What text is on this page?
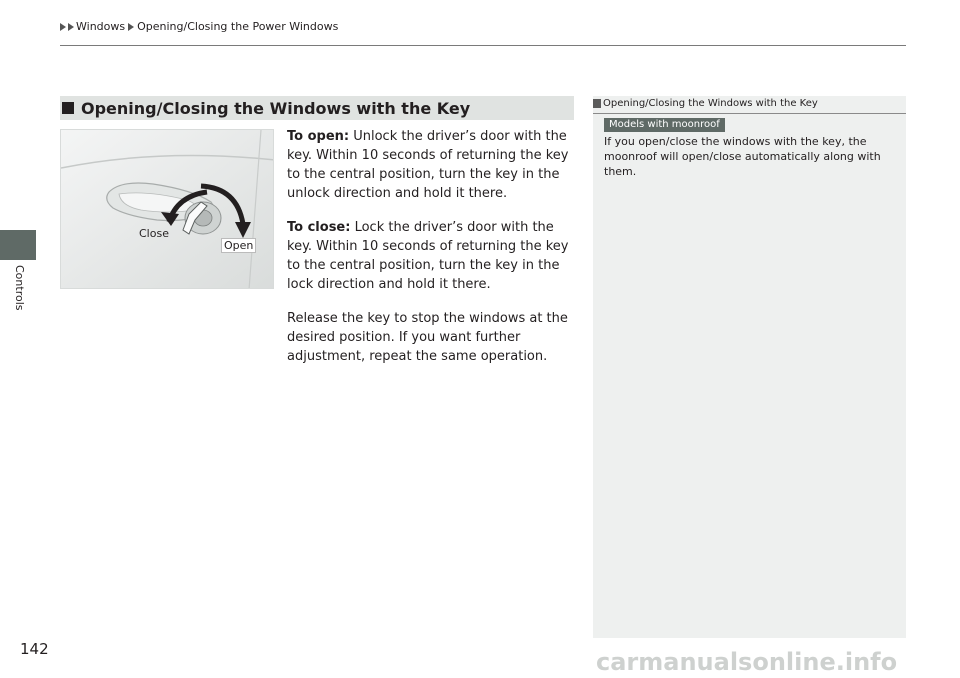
Windows Opening/Closing the Power Windows
Controls
Opening/Closing the Windows with the Key
Close
Open

To open: Unlock the driver’s door with the key. Within 10 seconds of returning the key to the central position, turn the key in the unlock direction and hold it there.

To close: Lock the driver’s door with the key. Within 10 seconds of returning the key to the central position, turn the key in the lock direction and hold it there.

Release the key to stop the windows at the desired position. If you want further adjustment, repeat the same operation.

Opening/Closing the Windows with the Key
Models with moonroof
If you open/close the windows with the key, the moonroof will open/close automatically along with them.
142	carmanualsonline.info
